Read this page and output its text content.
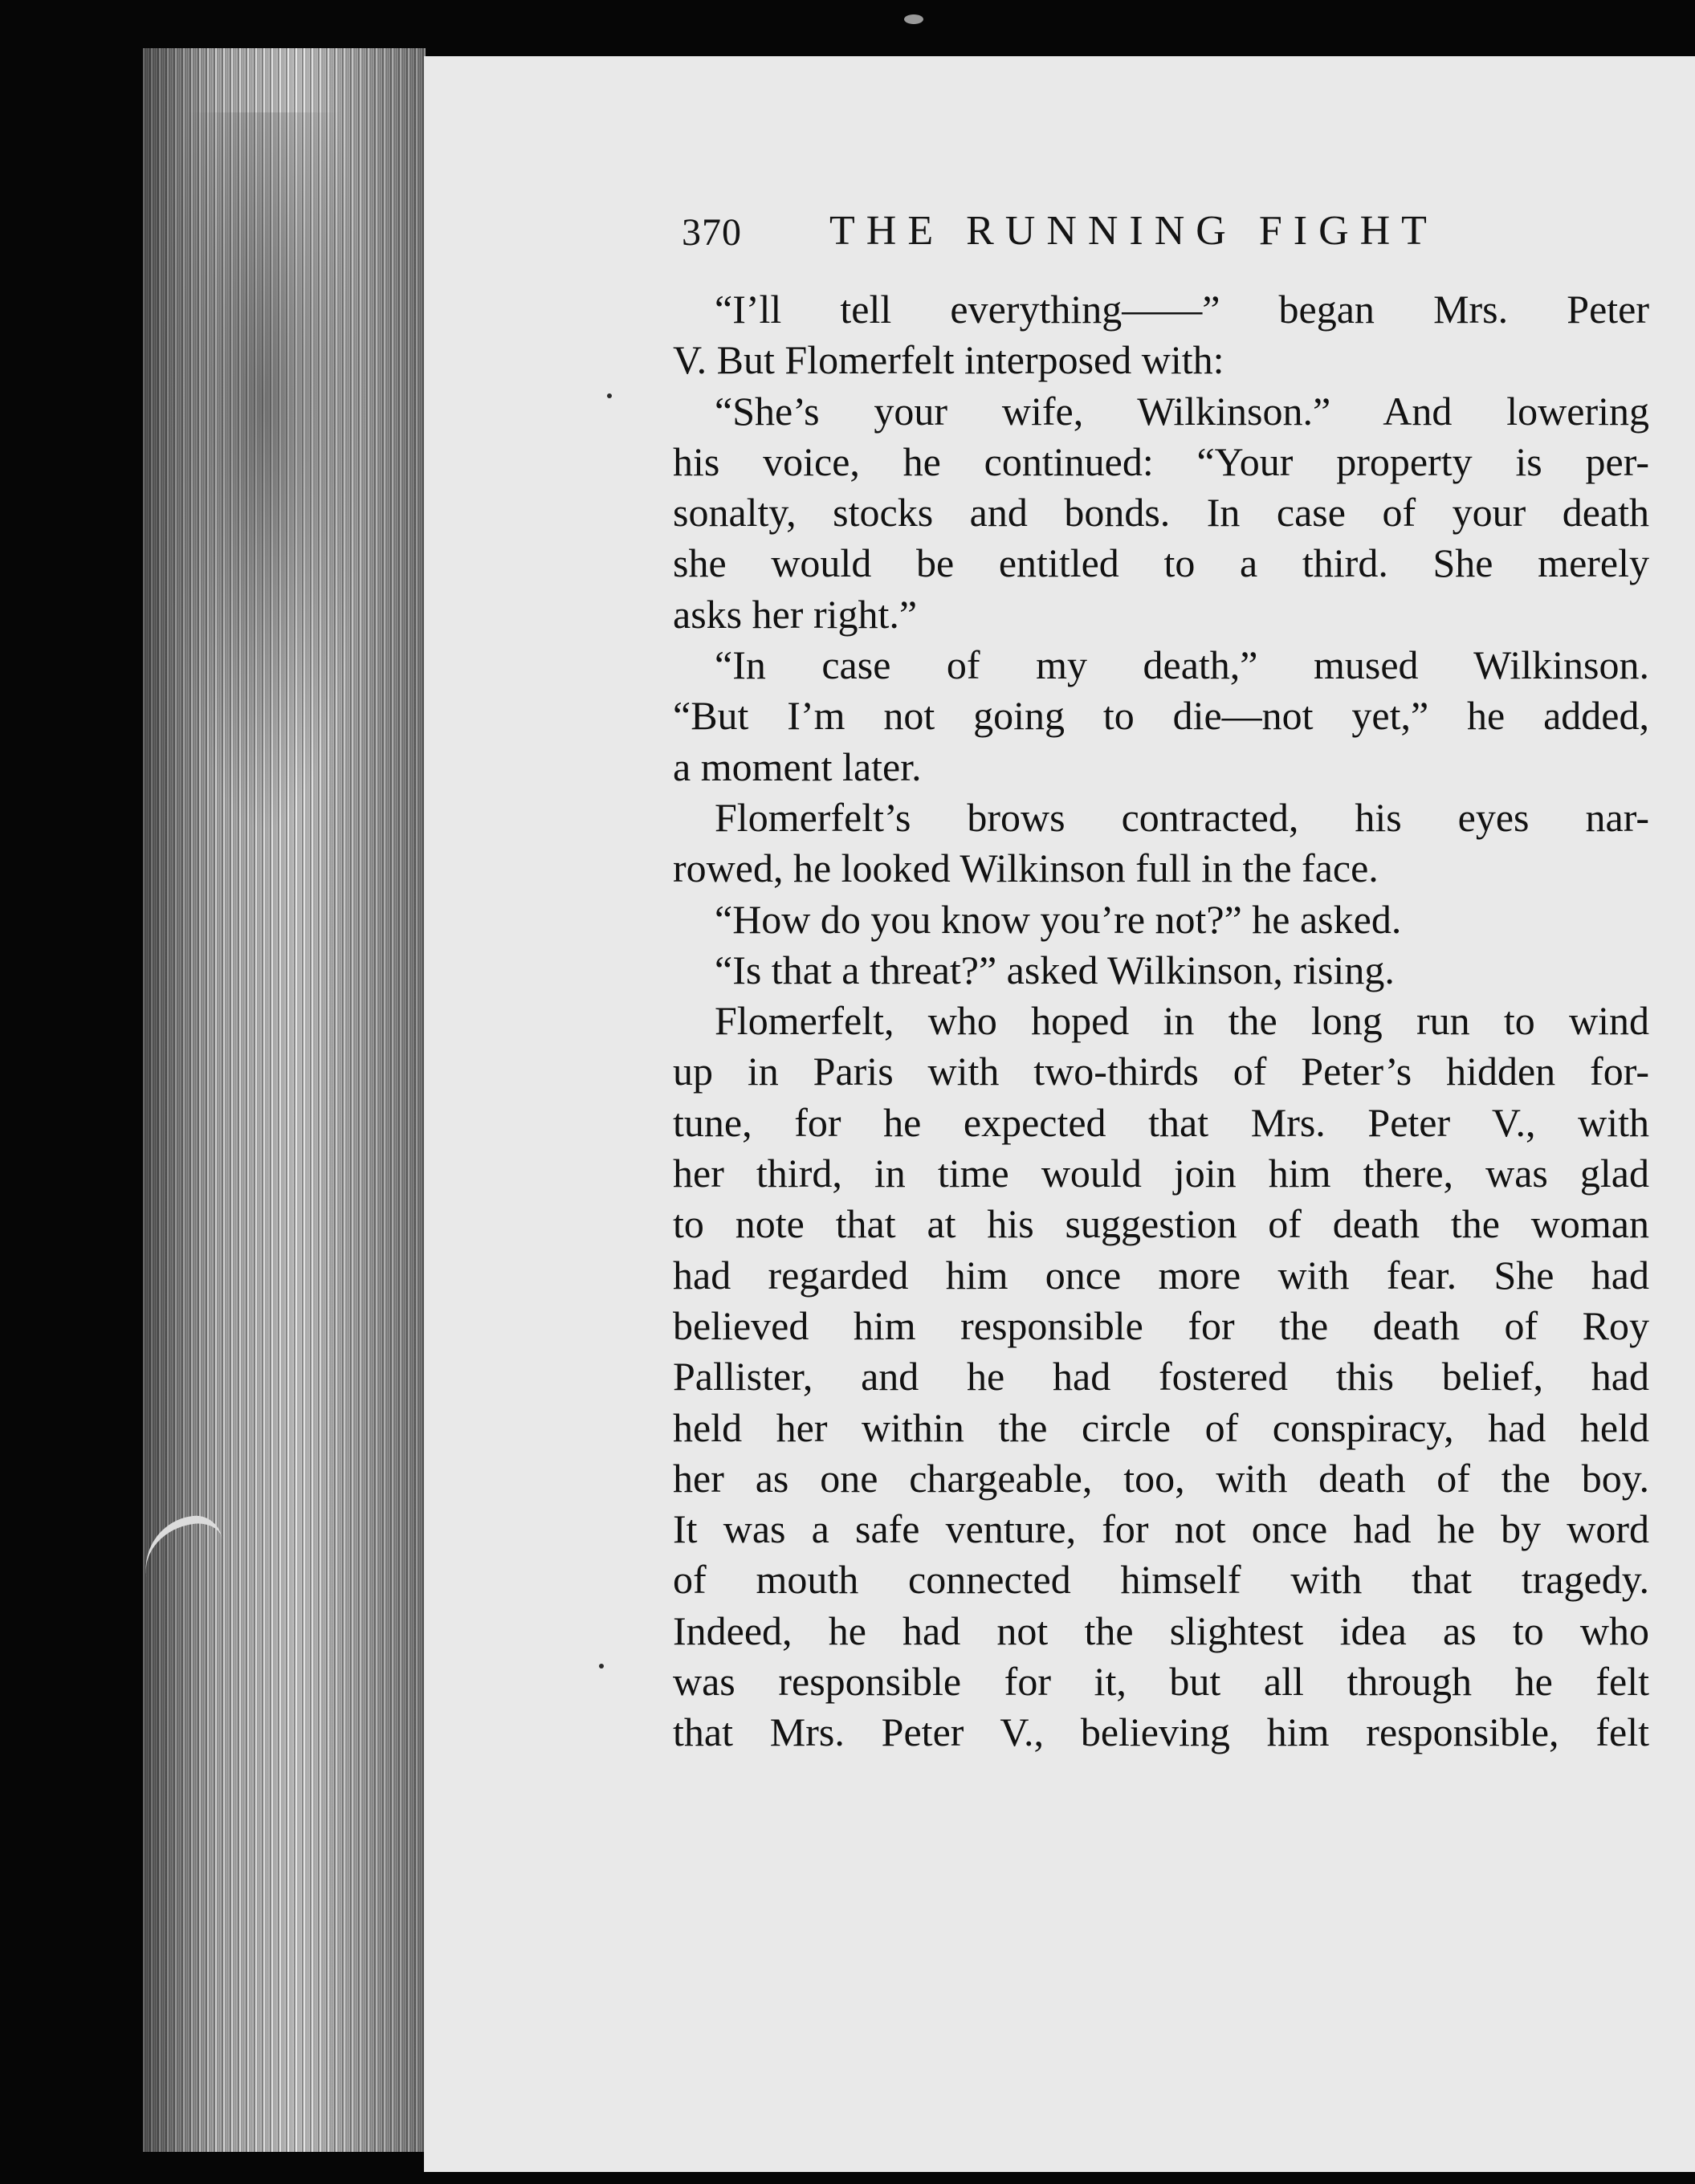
370 THE RUNNING FIGHT
“I’ll tell everything——” began Mrs. Peter
V. But Flomerfelt interposed with:
“She’s your wife, Wilkinson.” And lowering
his voice, he continued: “Your property is per-
sonalty, stocks and bonds. In case of your death
she would be entitled to a third. She merely
asks her right.”
“In case of my death,” mused Wilkinson.
“But I’m not going to die—not yet,” he added,
a moment later.
Flomerfelt’s brows contracted, his eyes nar-
rowed, he looked Wilkinson full in the face.
“How do you know you’re not?” he asked.
“Is that a threat?” asked Wilkinson, rising.
Flomerfelt, who hoped in the long run to wind
up in Paris with two-thirds of Peter’s hidden for-
tune, for he expected that Mrs. Peter V., with
her third, in time would join him there, was glad
to note that at his suggestion of death the woman
had regarded him once more with fear. She had
believed him responsible for the death of Roy
Pallister, and he had fostered this belief, had
held her within the circle of conspiracy, had held
her as one chargeable, too, with death of the boy.
It was a safe venture, for not once had he by word
of mouth connected himself with that tragedy.
Indeed, he had not the slightest idea as to who
was responsible for it, but all through he felt
that Mrs. Peter V., believing him responsible, felt
